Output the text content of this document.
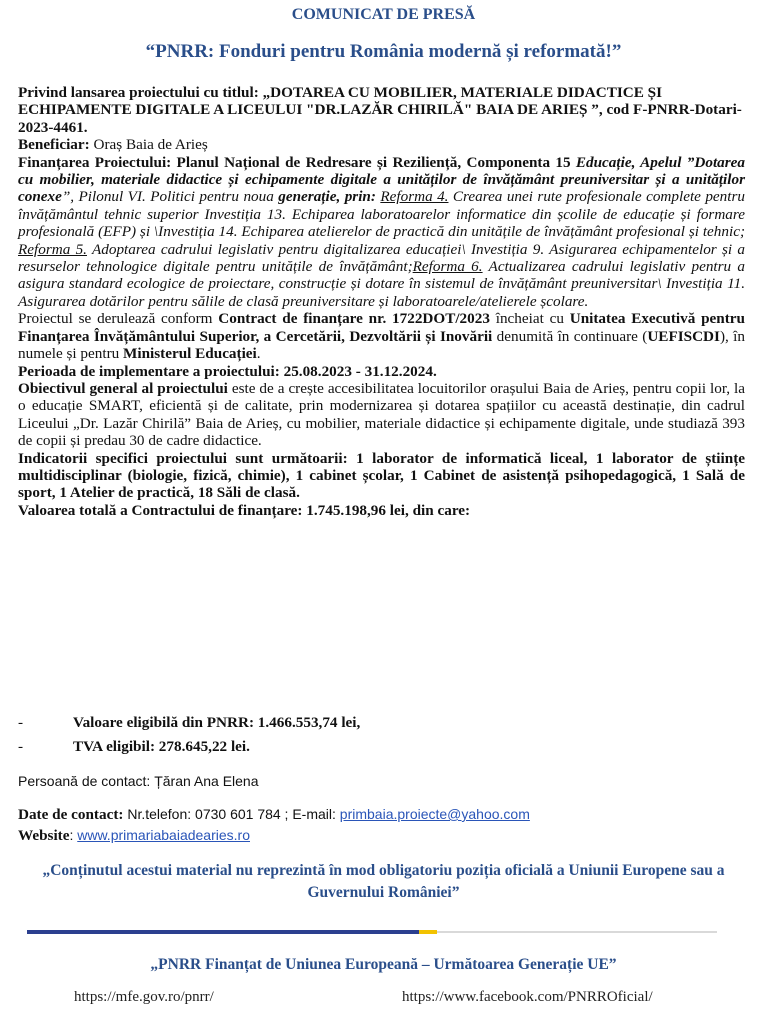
COMUNICAT DE PRESĂ
“PNRR: Fonduri pentru România modernă și reformată!”

Privind lansarea proiectului cu titlul: „DOTAREA CU MOBILIER, MATERIALE DIDACTICE ȘI ECHIPAMENTE DIGITALE A LICEULUI "DR.LAZĂR CHIRILĂ" BAIA DE ARIEȘ ”, cod F-PNRR-Dotari-2023-4461.

Beneficiar: Oraș Baia de Arieș

Finanțarea Proiectului: Planul Național de Redresare și Reziliență, Componenta 15 Educație, Apelul ”Dotarea cu mobilier, materiale didactice și echipamente digitale a unităților de învățământ preuniversitar și a unităților conexe”, Pilonul VI. Politici pentru noua generație, prin: Reforma 4. Crearea unei rute profesionale complete pentru învățământul tehnic superior Investiția 13. Echiparea laboratoarelor informatice din școlile de educație și formare profesională (EFP) și \Investiția 14. Echiparea atelierelor de practică din unitățile de învățământ profesional și tehnic; Reforma 5. Adoptarea cadrului legislativ pentru digitalizarea educației\ Investiția 9. Asigurarea echipamentelor și a resurselor tehnologice digitale pentru unitățile de învățământ;Reforma 6. Actualizarea cadrului legislativ pentru a asigura standard ecologice de proiectare, construcție și dotare în sistemul de învățământ preuniversitar\ Investiția 11. Asigurarea dotărilor pentru sălile de clasă preuniversitare și laboratoarele/atelierele școlare.

Proiectul se derulează conform Contract de finanțare nr. 1722DOT/2023 încheiat cu Unitatea Executivă pentru Finanțarea Învățământului Superior, a Cercetării, Dezvoltării și Inovării denumită în continuare (UEFISCDI), în numele și pentru Ministerul Educației.

Perioada de implementare a proiectului: 25.08.2023 - 31.12.2024.

Obiectivul general al proiectului este de a crește accesibilitatea locuitorilor orașului Baia de Arieș, pentru copii lor, la o educație SMART, eficientă și de calitate, prin modernizarea și dotarea spațiilor cu această destinație, din cadrul Liceului „Dr. Lazăr Chirilă” Baia de Arieș, cu mobilier, materiale didactice și echipamente digitale, unde studiază 393 de copii și predau 30 de cadre didactice.

Indicatorii specifici proiectului sunt următoarii: 1 laborator de informatică liceal, 1 laborator de științe multidisciplinar (biologie, fizică, chimie), 1 cabinet școlar, 1 Cabinet de asistență psihopedagogică, 1 Sală de sport, 1 Atelier de practică, 18 Săli de clasă.

Valoarea totală a Contractului de finanțare: 1.745.198,96 lei, din care:

-	Valoare eligibilă din PNRR: 1.466.553,74 lei,
-	TVA eligibil: 278.645,22 lei.
Persoană de contact: Țăran Ana Elena
Date de contact: Nr.telefon: 0730 601 784 ; E-mail: primbaia.proiecte@yahoo.com
Website: www.primariabaiadearies.ro
„Conținutul acestui material nu reprezintă în mod obligatoriu poziția oficială a Uniunii Europene sau a Guvernului României”
„PNRR Finanțat de Uniunea Europeană – Următoarea Generație UE”
https://mfe.gov.ro/pnrr/	https://www.facebook.com/PNRROficial/
